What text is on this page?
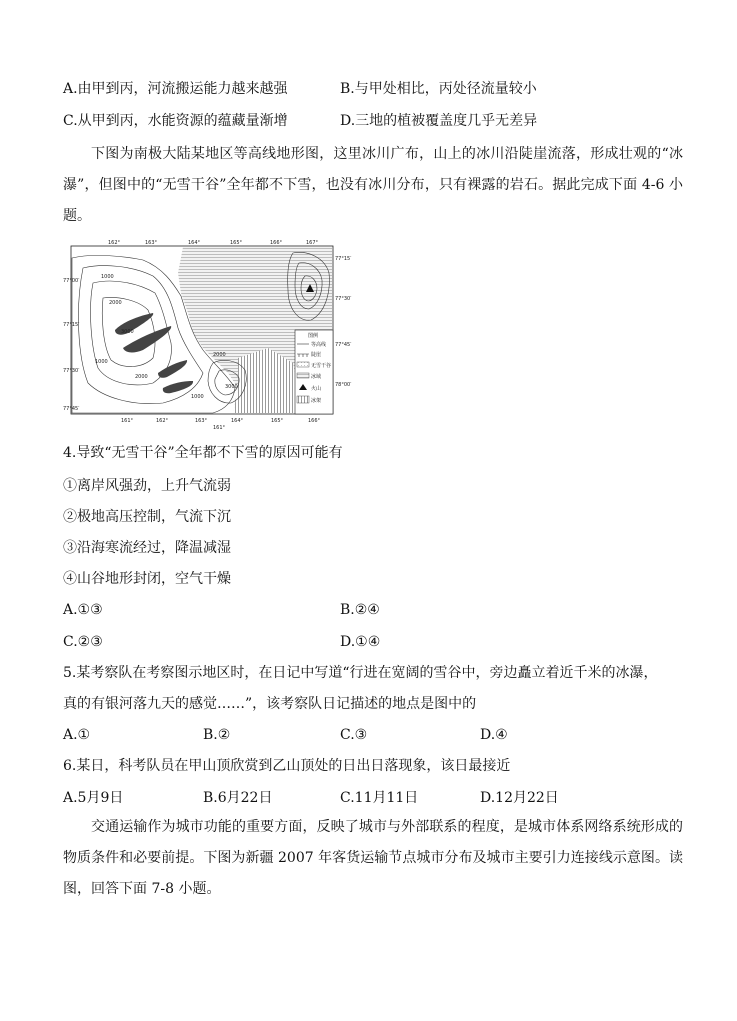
A.由甲到丙，河流搬运能力越来越强	B.与甲处相比，丙处径流量较小
C.从甲到丙，水能资源的蕴藏量渐增	D.三地的植被覆盖度几乎无差异
下图为南极大陆某地区等高线地形图，这里冰川广布，山上的冰川沿陡崖流落，形成壮观的“冰瀑”，但图中的“无雪干谷”全年都不下雪，也没有冰川分布，只有裸露的岩石。据此完成下面 4-6 小题。
1000
2000
3000
1000
2000
1000
2000
3000
162°	163°	164°	165°	166°	167°
161°	162°	163°	164°	165°	166°
161°
77°00′
77°15′
77°30′
77°45′
77°15′
77°30′
77°45′
78°00′
图例
等高线
陡崖
无雪干谷
冰域
火山
冰架
4.导致“无雪干谷”全年都不下雪的原因可能有
①离岸风强劲，上升气流弱
②极地高压控制，气流下沉
③沿海寒流经过，降温减湿
④山谷地形封闭，空气干燥
A.①③	B.②④
C.②③	D.①④
5.某考察队在考察图示地区时，在日记中写道“行进在宽阔的雪谷中，旁边矗立着近千米的冰瀑，
真的有银河落九天的感觉……”，该考察队日记描述的地点是图中的
A.①	B.②	C.③	D.④
6.某日，科考队员在甲山顶欣赏到乙山顶处的日出日落现象，该日最接近
A.5月9日	B.6月22日	C.11月11日	D.12月22日
交通运输作为城市功能的重要方面，反映了城市与外部联系的程度，是城市体系网络系统形成的物质条件和必要前提。下图为新疆 2007 年客货运输节点城市分布及城市主要引力连接线示意图。读图，回答下面 7-8 小题。
